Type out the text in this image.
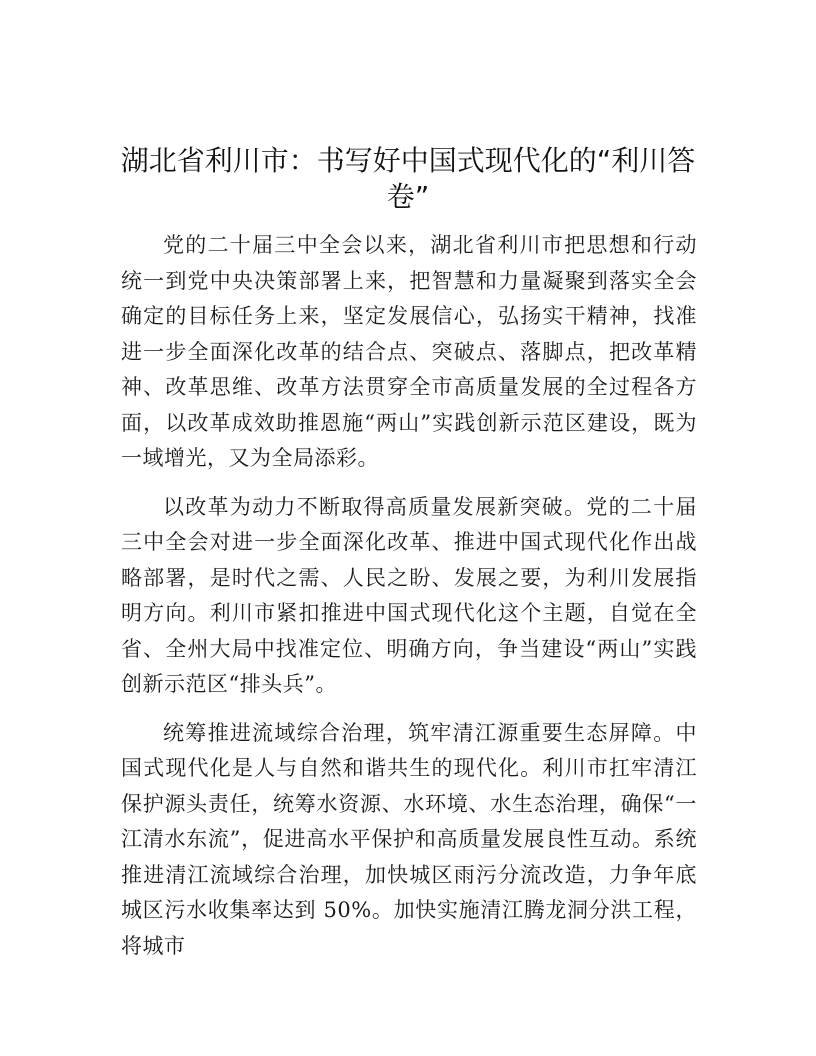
湖北省利川市：书写好中国式现代化的“利川答卷”

党的二十届三中全会以来，湖北省利川市把思想和行动统一到党中央决策部署上来，把智慧和力量凝聚到落实全会确定的目标任务上来，坚定发展信心，弘扬实干精神，找准进一步全面深化改革的结合点、突破点、落脚点，把改革精神、改革思维、改革方法贯穿全市高质量发展的全过程各方面，以改革成效助推恩施“两山”实践创新示范区建设，既为一域增光，又为全局添彩。

以改革为动力不断取得高质量发展新突破。党的二十届三中全会对进一步全面深化改革、推进中国式现代化作出战略部署，是时代之需、人民之盼、发展之要，为利川发展指明方向。利川市紧扣推进中国式现代化这个主题，自觉在全省、全州大局中找准定位、明确方向，争当建设“两山”实践创新示范区“排头兵”。

统筹推进流域综合治理，筑牢清江源重要生态屏障。中国式现代化是人与自然和谐共生的现代化。利川市扛牢清江保护源头责任，统筹水资源、水环境、水生态治理，确保“一江清水东流”，促进高水平保护和高质量发展良性互动。系统推进清江流域综合治理，加快城区雨污分流改造，力争年底城区污水收集率达到 50%。加快实施清江腾龙洞分洪工程，将城市
